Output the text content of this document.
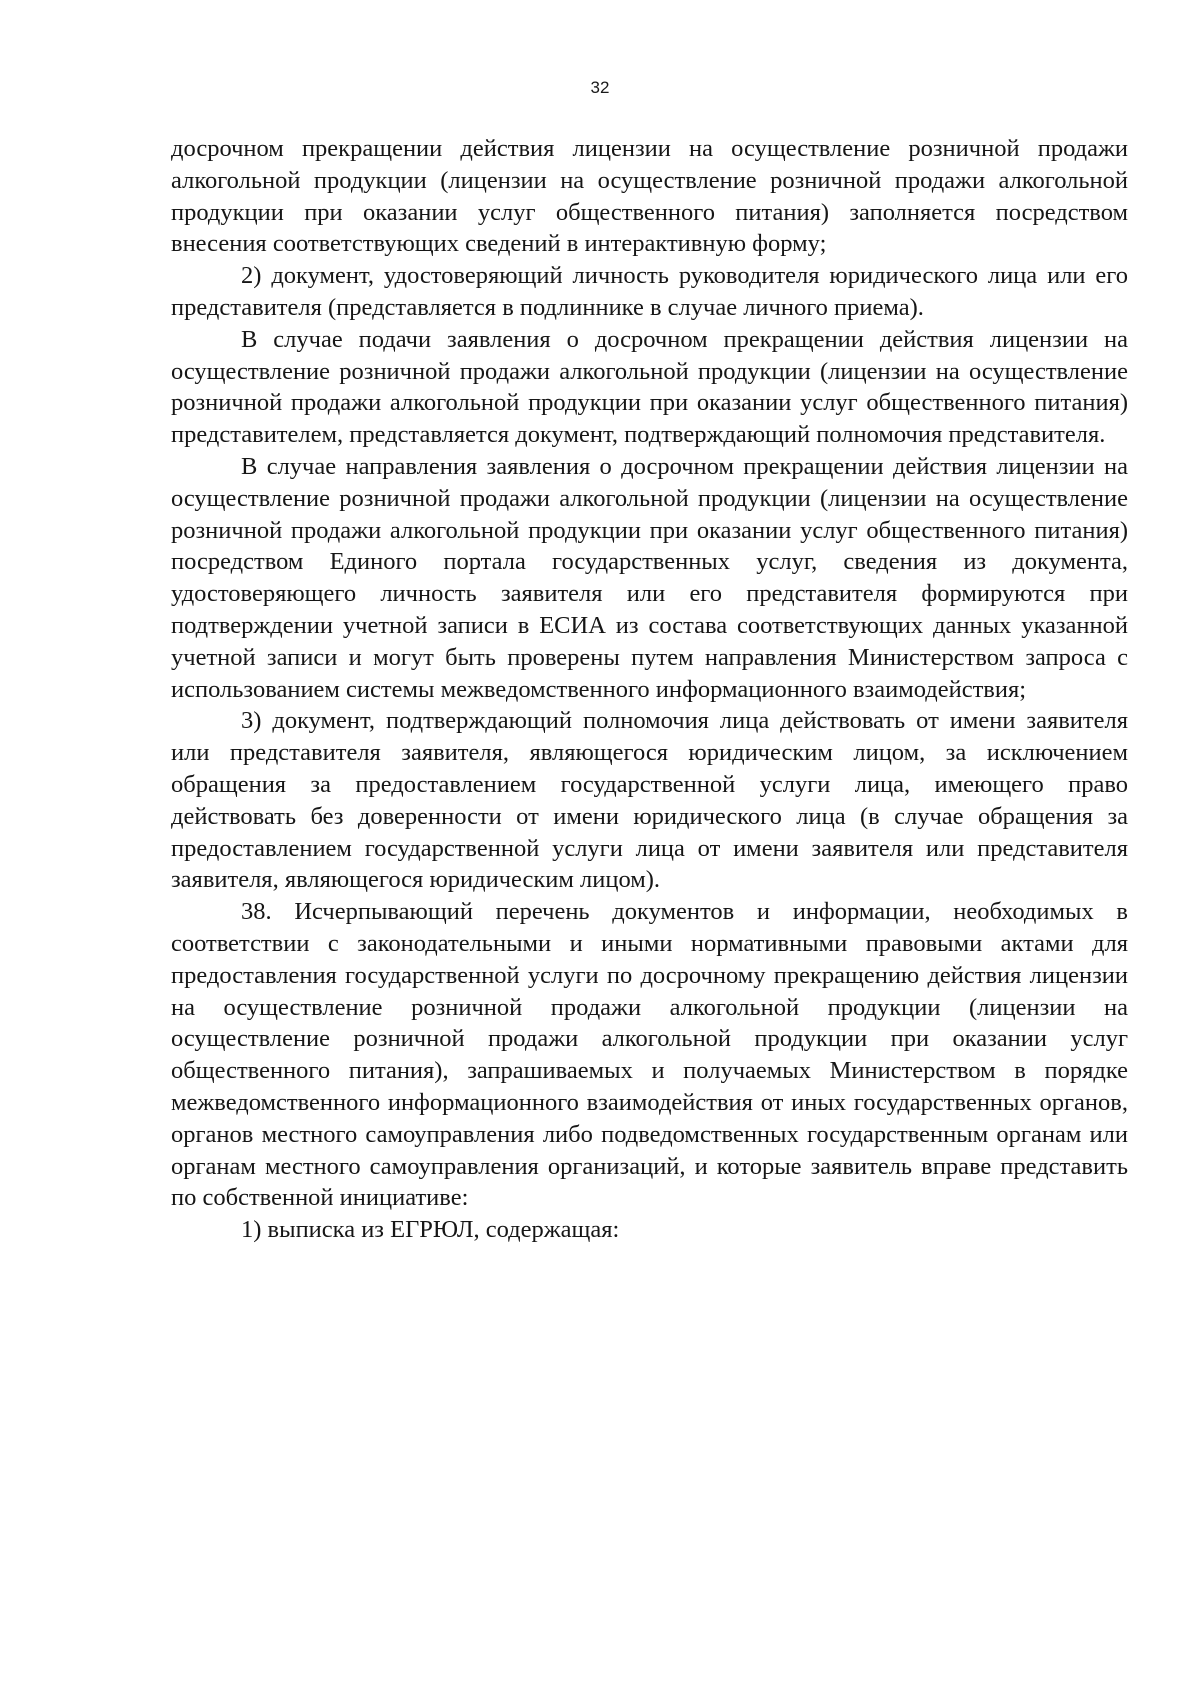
32

досрочном прекращении действия лицензии на осуществление розничной продажи алкогольной продукции (лицензии на осуществление розничной продажи алкогольной продукции при оказании услуг общественного питания) заполняется посредством внесения соответствующих сведений в интерактивную форму;

2) документ, удостоверяющий личность руководителя юридического лица или его представителя (представляется в подлиннике в случае личного приема).

В случае подачи заявления о досрочном прекращении действия лицензии на осуществление розничной продажи алкогольной продукции (лицензии на осуществление розничной продажи алкогольной продукции при оказании услуг общественного питания) представителем, представляется документ, подтверждающий полномочия представителя.

В случае направления заявления о досрочном прекращении действия лицензии на осуществление розничной продажи алкогольной продукции (лицензии на осуществление розничной продажи алкогольной продукции при оказании услуг общественного питания) посредством Единого портала государственных услуг, сведения из документа, удостоверяющего личность заявителя или его представителя формируются при подтверждении учетной записи в ЕСИА из состава соответствующих данных указанной учетной записи и могут быть проверены путем направления Министерством запроса с использованием системы межведомственного информационного взаимодействия;

3) документ, подтверждающий полномочия лица действовать от имени заявителя или представителя заявителя, являющегося юридическим лицом, за исключением обращения за предоставлением государственной услуги лица, имеющего право действовать без доверенности от имени юридического лица (в случае обращения за предоставлением государственной услуги лица от имени заявителя или представителя заявителя, являющегося юридическим лицом).

38. Исчерпывающий перечень документов и информации, необходимых в соответствии с законодательными и иными нормативными правовыми актами для предоставления государственной услуги по досрочному прекращению действия лицензии на осуществление розничной продажи алкогольной продукции (лицензии на осуществление розничной продажи алкогольной продукции при оказании услуг общественного питания), запрашиваемых и получаемых Министерством в порядке межведомственного информационного взаимодействия от иных государственных органов, органов местного самоуправления либо подведомственных государственным органам или органам местного самоуправления организаций, и которые заявитель вправе представить по собственной инициативе:

1) выписка из ЕГРЮЛ, содержащая:
